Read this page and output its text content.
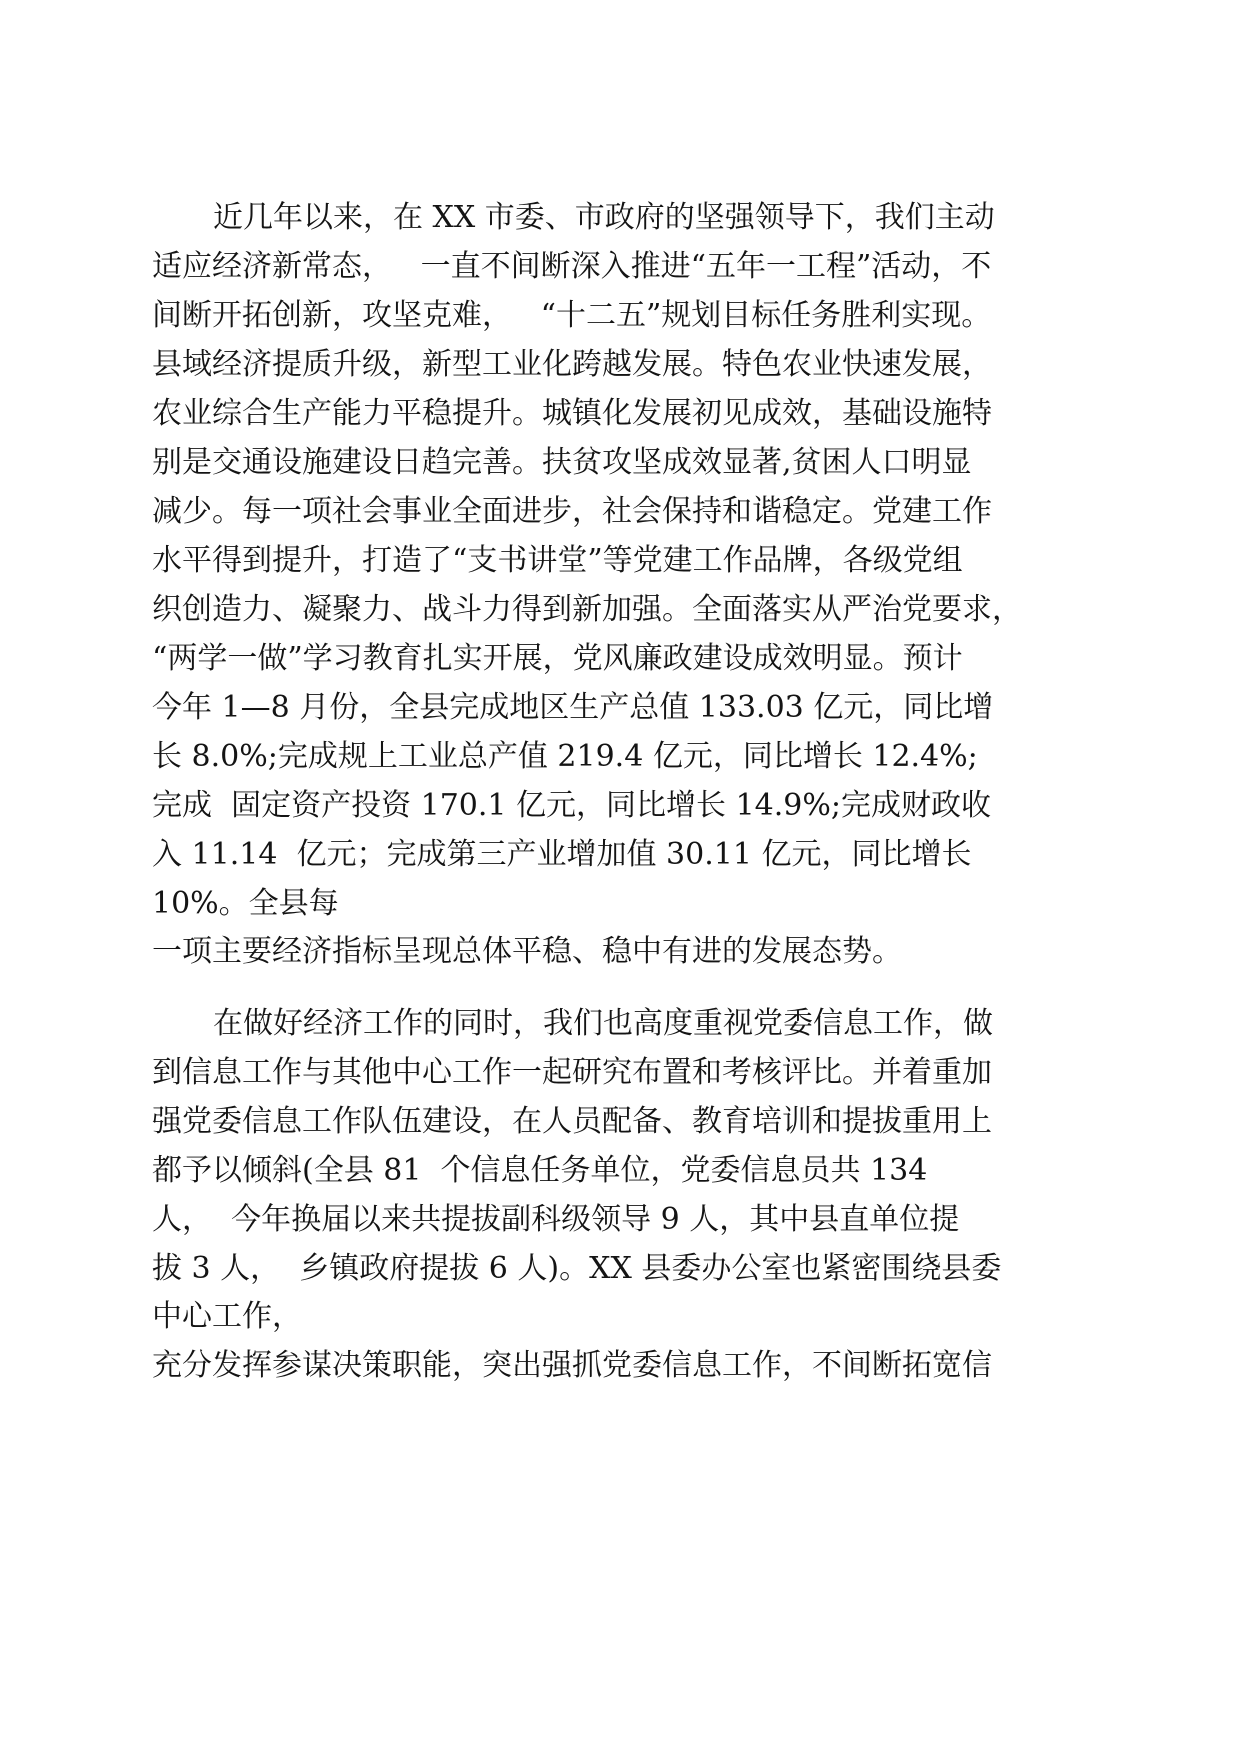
近几年以来，在 XX 市委、市政府的坚强领导下，我们主动
适应经济新常态，   一直不间断深入推进“五年一工程”活动，不
间断开拓创新，攻坚克难，   “十二五”规划目标任务胜利实现。
县域经济提质升级，新型工业化跨越发展。特色农业快速发展，
农业综合生产能力平稳提升。城镇化发展初见成效，基础设施特
别是交通设施建设日趋完善。扶贫攻坚成效显著,贫困人口明显
减少。每一项社会事业全面进步，社会保持和谐稳定。党建工作
水平得到提升，打造了“支书讲堂”等党建工作品牌，各级党组
织创造力、凝聚力、战斗力得到新加强。全面落实从严治党要求，
“两学一做”学习教育扎实开展，党风廉政建设成效明显。预计
今年 1—8 月份，全县完成地区生产总值 133.03 亿元，同比增
长 8.0%;完成规上工业总产值 219.4 亿元，同比增长 12.4%;
完成  固定资产投资 170.1 亿元，同比增长 14.9%;完成财政收
入 11.14  亿元；完成第三产业增加值 30.11 亿元，同比增长
10%。全县每
一项主要经济指标呈现总体平稳、稳中有进的发展态势。
在做好经济工作的同时，我们也高度重视党委信息工作，做
到信息工作与其他中心工作一起研究布置和考核评比。并着重加
强党委信息工作队伍建设，在人员配备、教育培训和提拔重用上
都予以倾斜(全县 81  个信息任务单位，党委信息员共 134
人，  今年换届以来共提拔副科级领导 9 人，其中县直单位提
拔 3 人，  乡镇政府提拔 6 人)。XX 县委办公室也紧密围绕县委
中心工作，
充分发挥参谋决策职能，突出强抓党委信息工作，不间断拓宽信
